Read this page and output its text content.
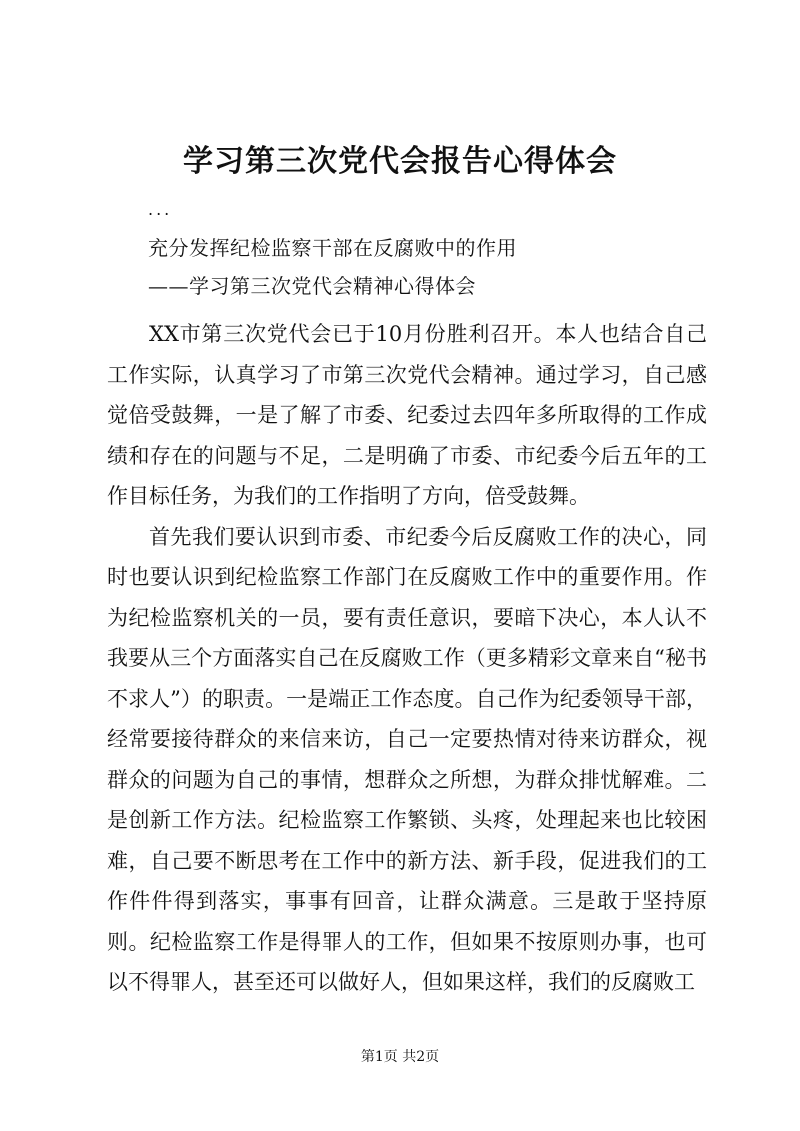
学习第三次党代会报告心得体会
...
充分发挥纪检监察干部在反腐败中的作用
——学习第三次党代会精神心得体会

XX市第三次党代会已于10月份胜利召开。本人也结合自己工作实际，认真学习了市第三次党代会精神。通过学习，自己感觉倍受鼓舞，一是了解了市委、纪委过去四年多所取得的工作成绩和存在的问题与不足，二是明确了市委、市纪委今后五年的工作目标任务，为我们的工作指明了方向，倍受鼓舞。

首先我们要认识到市委、市纪委今后反腐败工作的决心，同时也要认识到纪检监察工作部门在反腐败工作中的重要作用。作为纪检监察机关的一员，要有责任意识，要暗下决心，本人认不我要从三个方面落实自己在反腐败工作（更多精彩文章来自“秘书不求人”）的职责。一是端正工作态度。自己作为纪委领导干部，经常要接待群众的来信来访，自己一定要热情对待来访群众，视群众的问题为自己的事情，想群众之所想，为群众排忧解难。二是创新工作方法。纪检监察工作繁锁、头疼，处理起来也比较困难，自己要不断思考在工作中的新方法、新手段，促进我们的工作件件得到落实，事事有回音，让群众满意。三是敢于坚持原则。纪检监察工作是得罪人的工作，但如果不按原则办事，也可以不得罪人，甚至还可以做好人，但如果这样，我们的反腐败工

第1页 共2页
